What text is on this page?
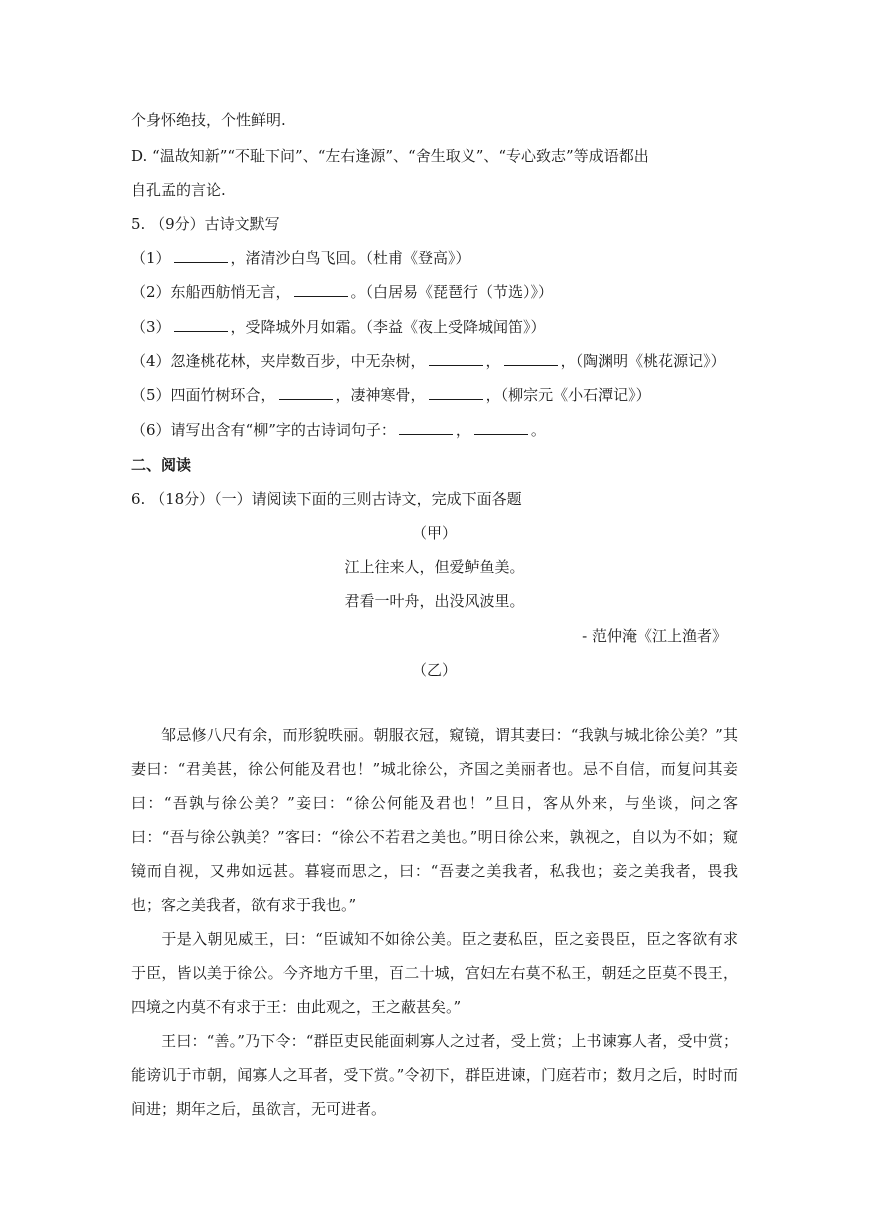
个身怀绝技，个性鲜明.
D. “温故知新”“不耻下问”、“左右逢源”、“舍生取义”、“专心致志”等成语都出
自孔孟的言论.
5. （9分）古诗文默写
（1）	，渚清沙白鸟飞回。（杜甫《登高》）
（2）东船西舫悄无言，	。（白居易《琵琶行（节选）》）
（3）	，受降城外月如霜。（李益《夜上受降城闻笛》）
（4）忽逢桃花林，夹岸数百步，中无杂树，	，	，（陶渊明《桃花源记》）
（5）四面竹树环合，	，凄神寒骨，	，（柳宗元《小石潭记》）
（6）请写出含有“柳”字的古诗词句子：	，	。
二、阅读
6. （18分）（一）请阅读下面的三则古诗文，完成下面各题
（甲）
江上往来人，但爱鲈鱼美。
君看一叶舟，出没风波里。
- 范仲淹《江上渔者》
（乙）
邹忌修八尺有余，而形貌昳丽。朝服衣冠，窥镜，谓其妻曰：“我孰与城北徐公美？”其妻曰：“君美甚，徐公何能及君也！”城北徐公，齐国之美丽者也。忌不自信，而复问其妾曰：“吾孰与徐公美？”妾曰：“徐公何能及君也！”旦日，客从外来，与坐谈，问之客曰：“吾与徐公孰美？”客曰：“徐公不若君之美也。”明日徐公来，孰视之，自以为不如；窥镜而自视，又弗如远甚。暮寝而思之，曰：“吾妻之美我者，私我也；妾之美我者，畏我也；客之美我者，欲有求于我也。”
于是入朝见威王，曰：“臣诚知不如徐公美。臣之妻私臣，臣之妾畏臣，臣之客欲有求于臣，皆以美于徐公。今齐地方千里，百二十城，宫妇左右莫不私王，朝廷之臣莫不畏王，四境之内莫不有求于王：由此观之，王之蔽甚矣。”
王曰：“善。”乃下令：“群臣吏民能面刺寡人之过者，受上赏；上书谏寡人者，受中赏；能谤讥于市朝，闻寡人之耳者，受下赏。”令初下，群臣进谏，门庭若市；数月之后，时时而间进；期年之后，虽欲言，无可进者。
